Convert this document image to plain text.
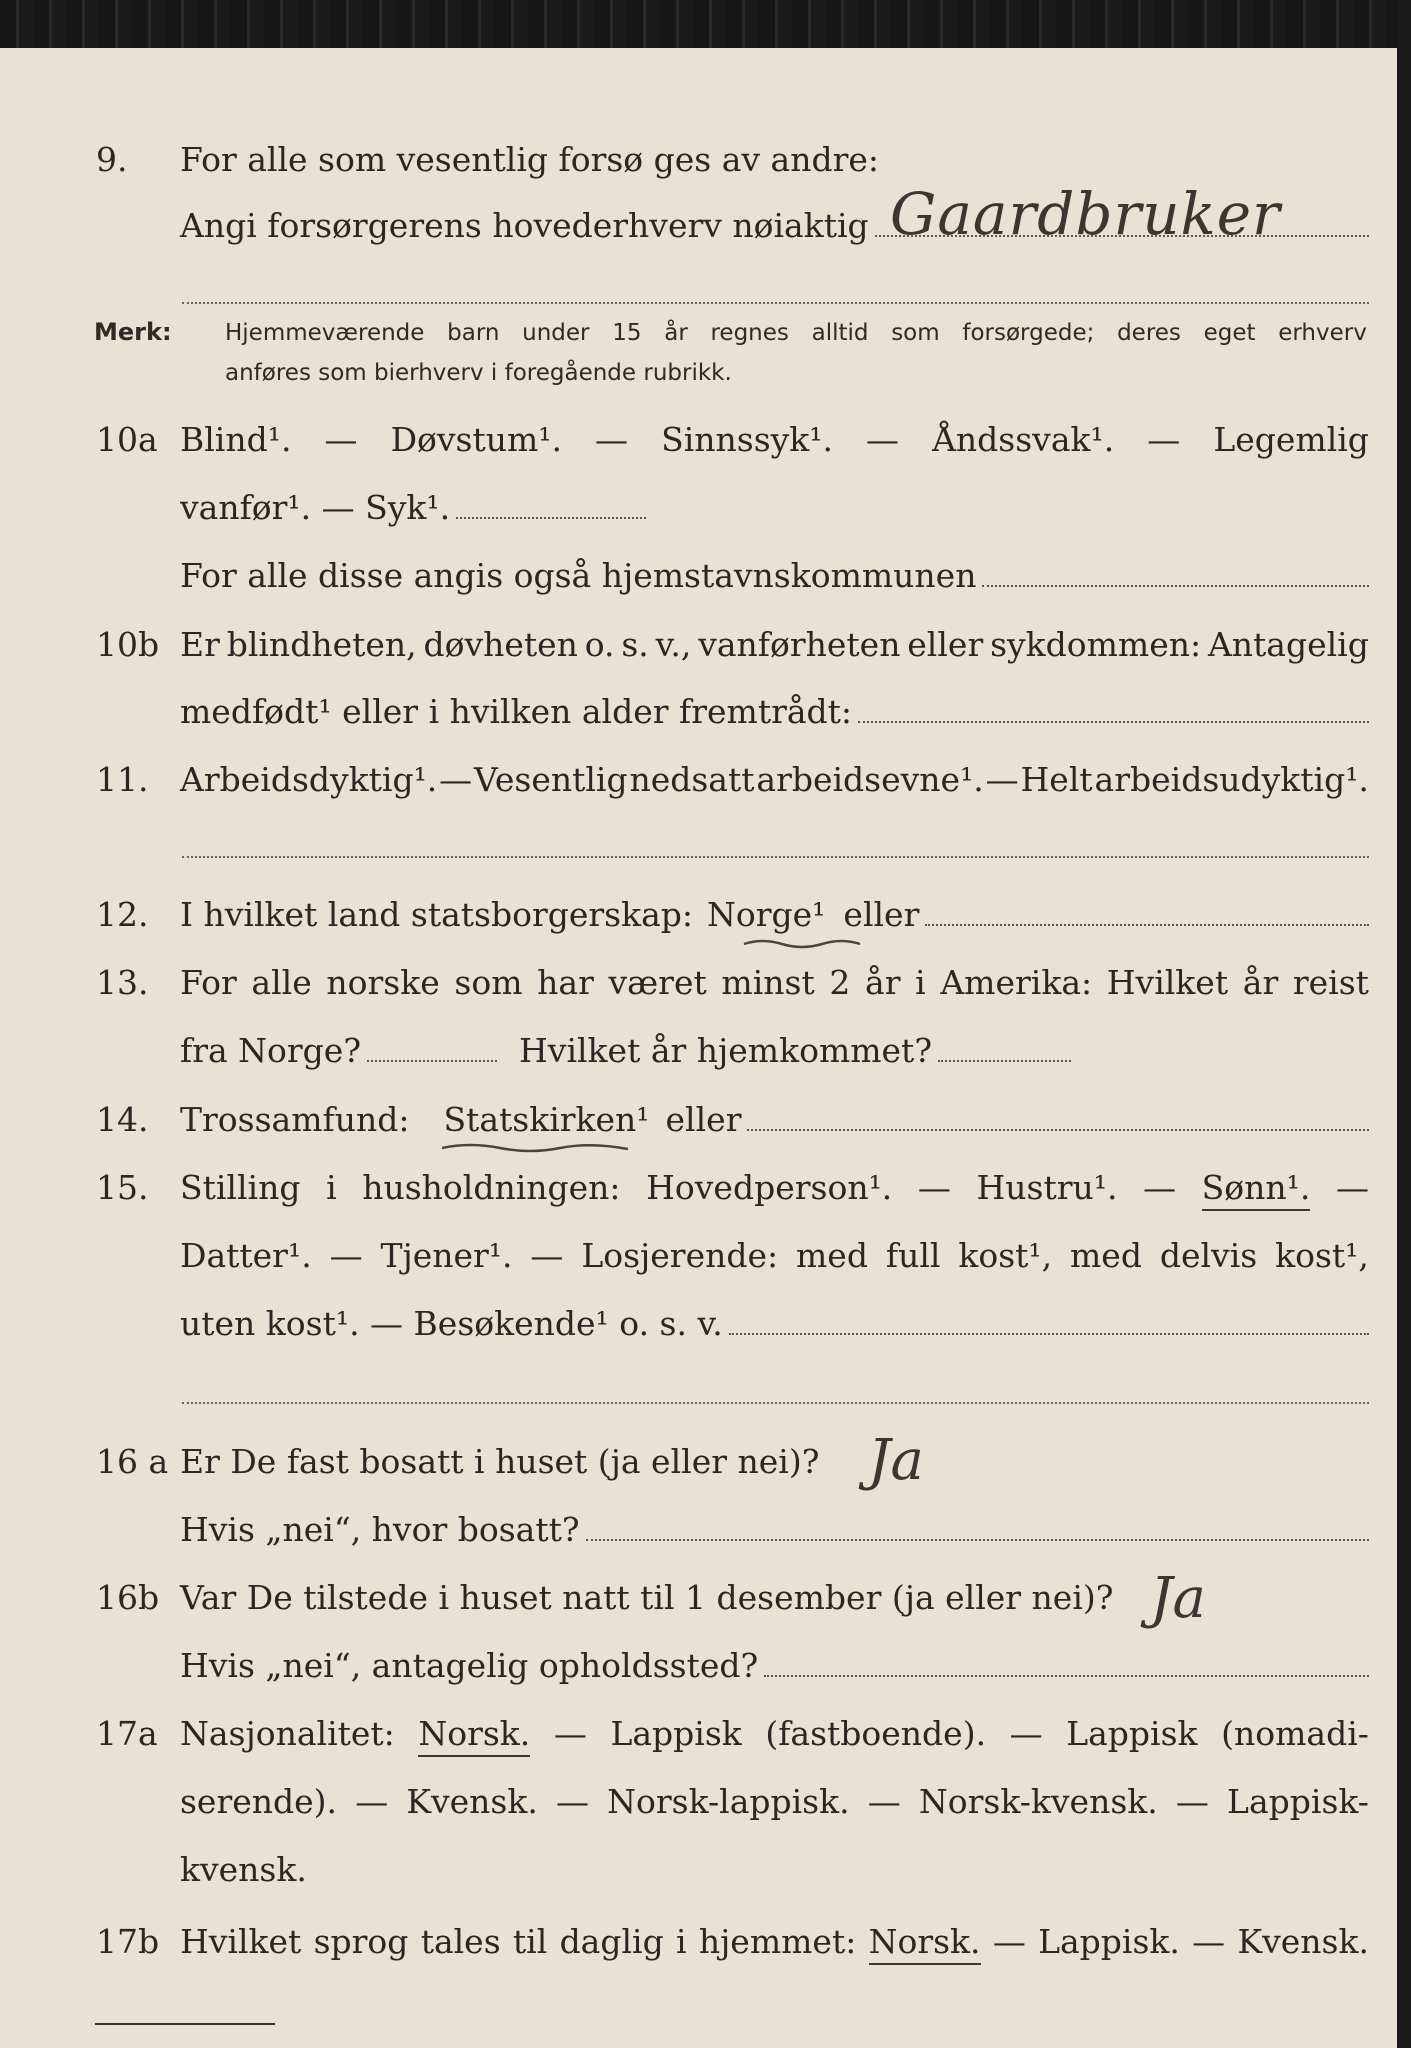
9. For alle som vesentlig forsø ges av andre:
Angi forsørgerens hovederhverv nøiaktig Gaardbruker
Merk: Hjemmeværende barn under 15 år regnes alltid som forsørgede; deres eget erhverv
anføres som bierhverv i foregående rubrikk.
10a Blind¹. — Døvstum¹. — Sinnssyk¹. — Åndssvak¹. — Legemlig
vanfør¹. — Syk¹.
For alle disse angis også hjemstavnskommunen
10b Er blindheten, døvheten o. s. v., vanførheten eller sykdommen: Antagelig
medfødt¹ eller i hvilken alder fremtrådt:
11. Arbeidsdyktig¹. — Vesentlig nedsatt arbeidsevne¹. — Helt arbeidsudyktig¹.
12. I hvilket land statsborgerskap: Norge¹ eller
13. For alle norske som har været minst 2 år i Amerika: Hvilket år reist
fra Norge?	Hvilket år hjemkommet?
14. Trossamfund: Statskirken¹ eller
15. Stilling i husholdningen: Hovedperson¹. — Hustru¹. — Sønn¹. —
Datter¹. — Tjener¹. — Losjerende: med full kost¹, med delvis kost¹,
uten kost¹. — Besøkende¹ o. s. v.
16 a Er De fast bosatt i huset (ja eller nei)? Ja
Hvis „nei“, hvor bosatt?
16b Var De tilstede i huset natt til 1 desember (ja eller nei)? Ja
Hvis „nei“, antagelig opholdssted?
17a Nasjonalitet: Norsk. — Lappisk (fastboende). — Lappisk (nomadi-
serende). — Kvensk. — Norsk-lappisk. — Norsk-kvensk. — Lappisk-
kvensk.
17b Hvilket sprog tales til daglig i hjemmet: Norsk. — Lappisk. — Kvensk.
